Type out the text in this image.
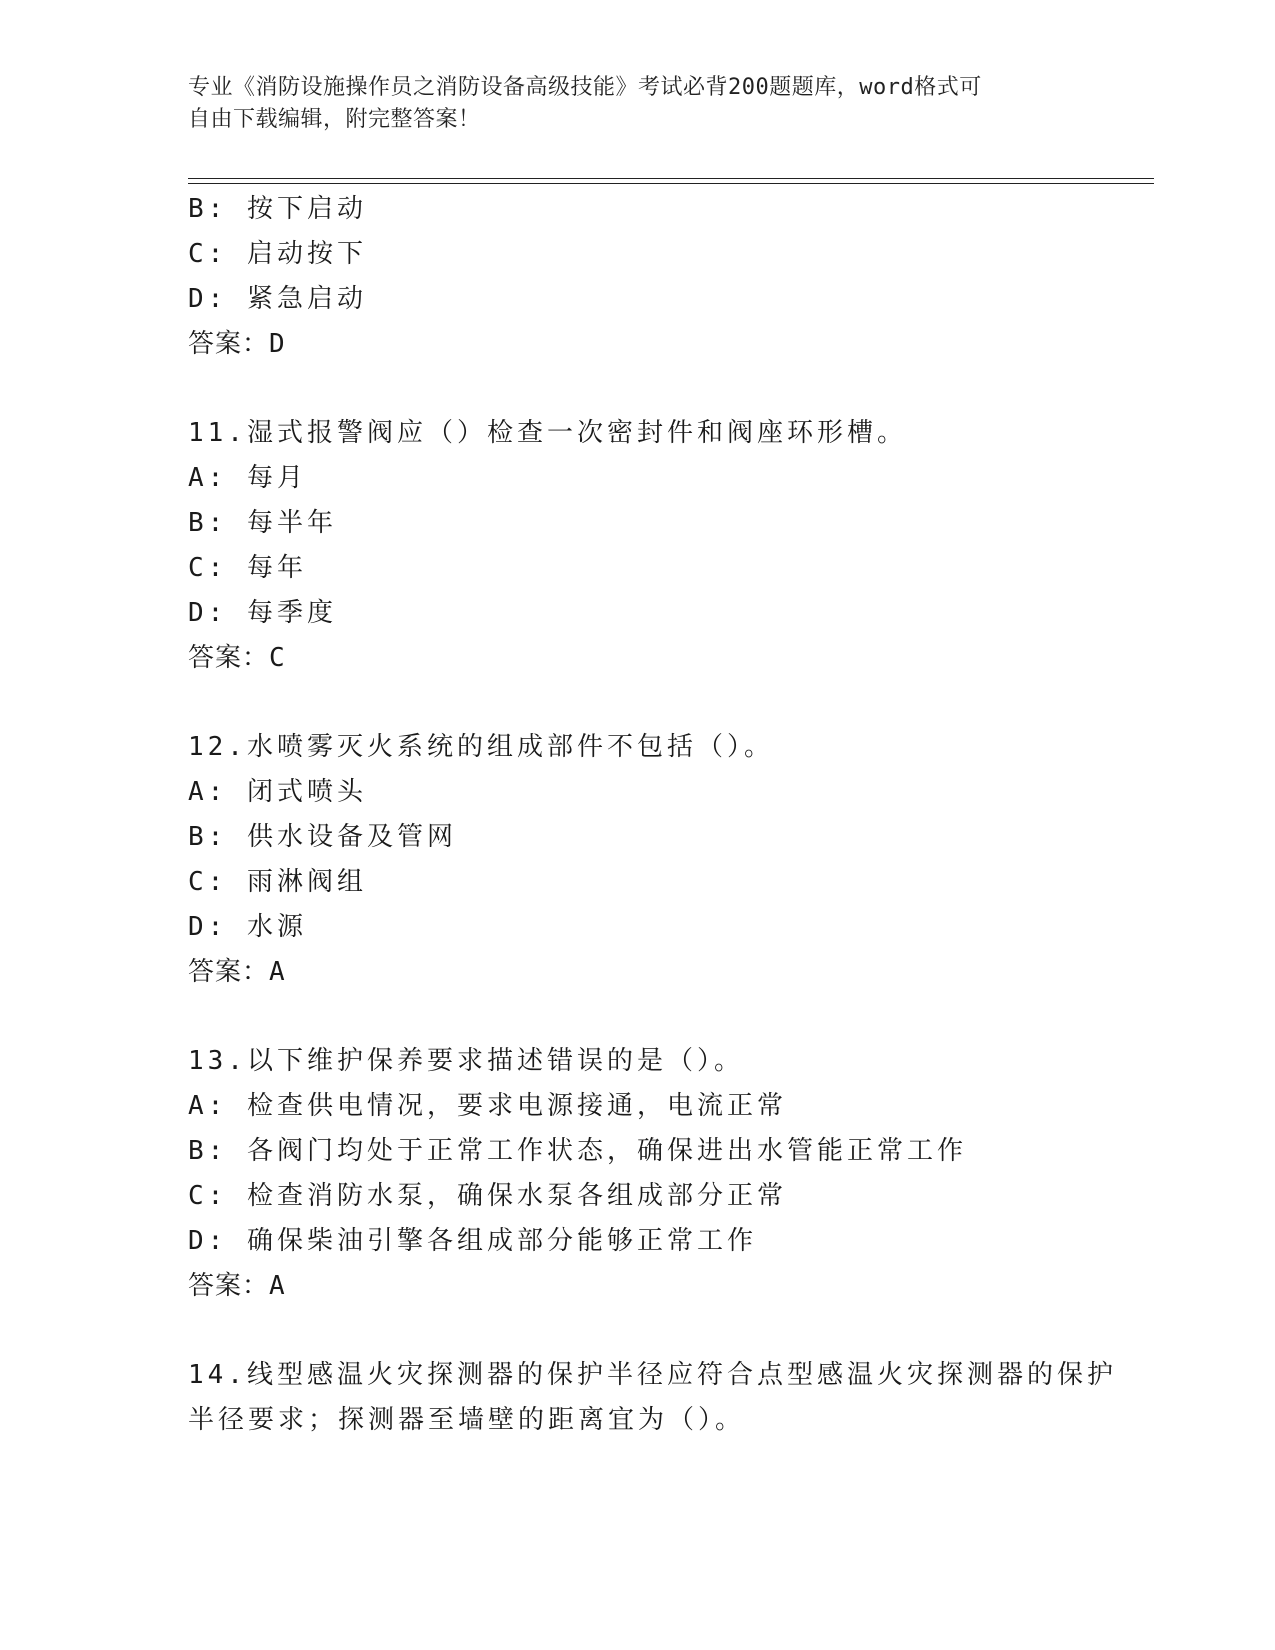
专业《消防设施操作员之消防设备高级技能》考试必背200题题库，word格式可
自由下载编辑，附完整答案！
B: 按下启动
C: 启动按下
D: 紧急启动
答案：D
11.湿式报警阀应（）检查一次密封件和阀座环形槽。
A: 每月
B: 每半年
C: 每年
D: 每季度
答案：C
12.水喷雾灭火系统的组成部件不包括（）。
A: 闭式喷头
B: 供水设备及管网
C: 雨淋阀组
D: 水源
答案：A
13.以下维护保养要求描述错误的是（）。
A: 检查供电情况，要求电源接通，电流正常
B: 各阀门均处于正常工作状态，确保进出水管能正常工作
C: 检查消防水泵，确保水泵各组成部分正常
D: 确保柴油引擎各组成部分能够正常工作
答案：A
14.线型感温火灾探测器的保护半径应符合点型感温火灾探测器的保护
半径要求；探测器至墙壁的距离宜为（）。
